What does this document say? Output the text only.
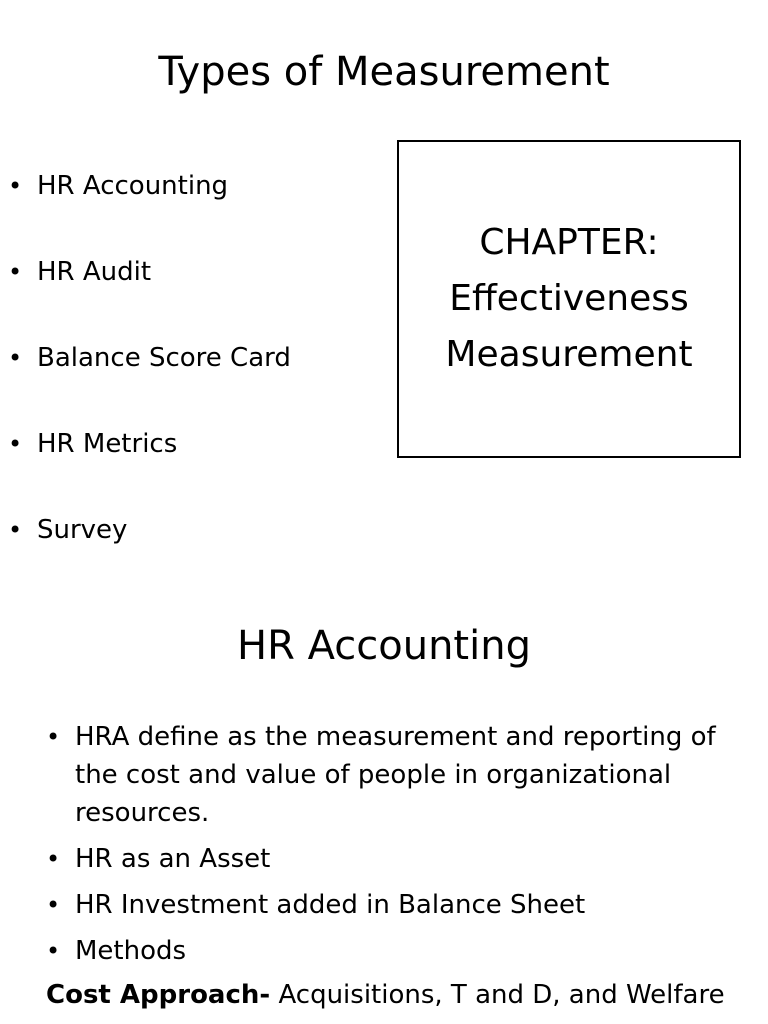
Types of Measurement
• HR Accounting
• HR Audit
• Balance Score Card
• HR Metrics
• Survey
CHAPTER:
Effectiveness
Measurement
HR Accounting
• HRA define as the measurement and reporting of the cost and value of people in organizational resources.
• HR as an Asset
• HR Investment added in Balance Sheet
• Methods
Cost Approach- Acquisitions, T and D, and Welfare
